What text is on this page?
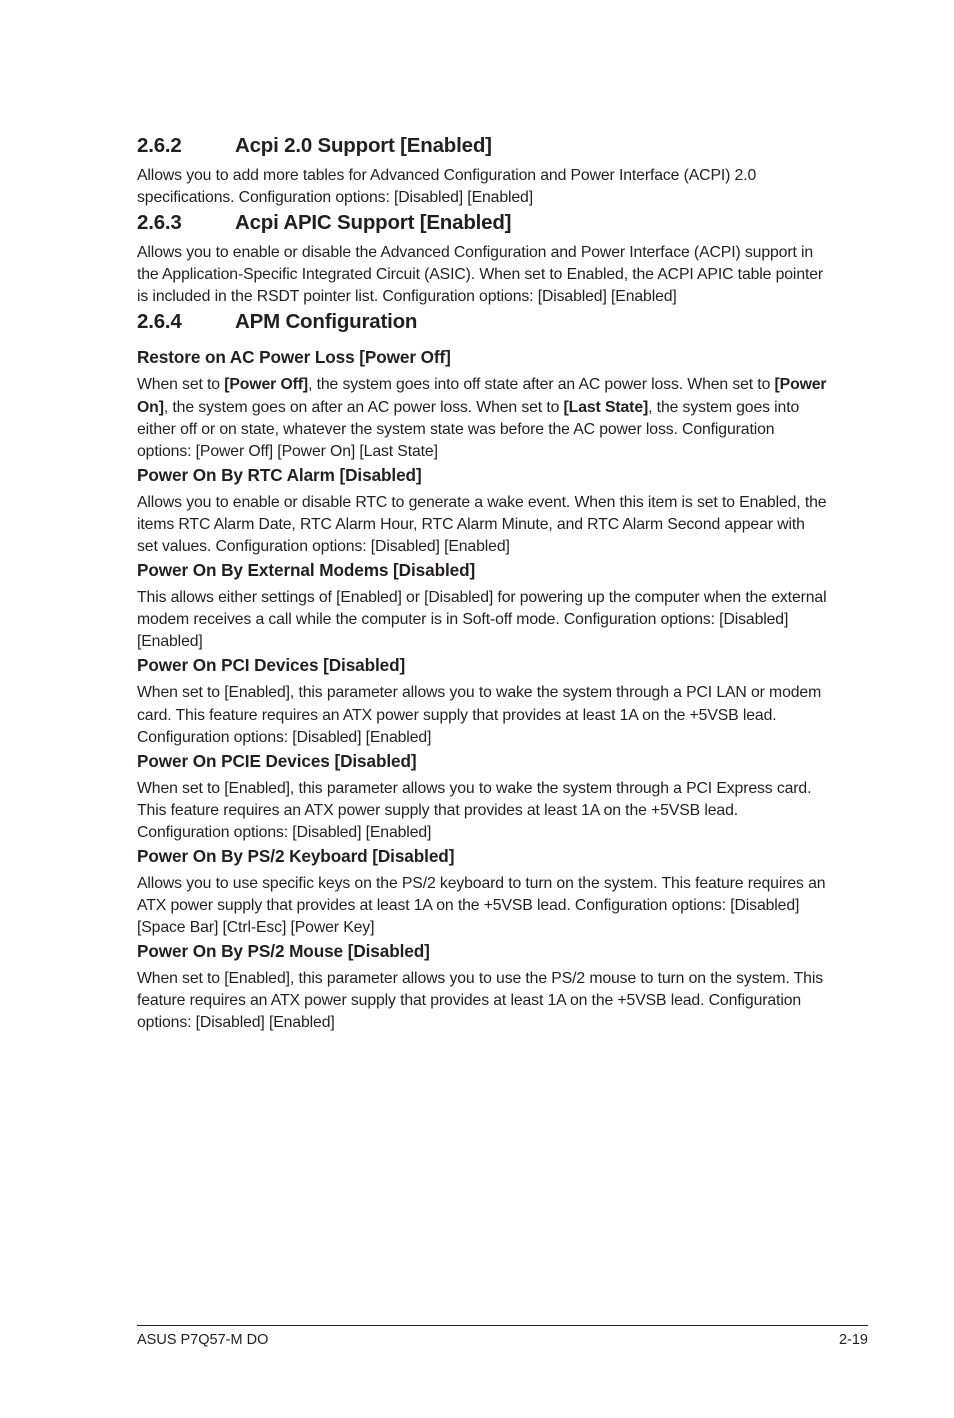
2.6.2	Acpi 2.0 Support [Enabled]

Allows you to add more tables for Advanced Configuration and Power Interface (ACPI) 2.0 specifications. Configuration options: [Disabled] [Enabled]

2.6.3	Acpi APIC Support [Enabled]

Allows you to enable or disable the Advanced Configuration and Power Interface (ACPI) support in the Application-Specific Integrated Circuit (ASIC). When set to Enabled, the ACPI APIC table pointer is included in the RSDT pointer list. Configuration options: [Disabled] [Enabled]

2.6.4	APM Configuration
Restore on AC Power Loss [Power Off]

When set to [Power Off], the system goes into off state after an AC power loss. When set to [Power On], the system goes on after an AC power loss. When set to [Last State], the system goes into either off or on state, whatever the system state was before the AC power loss. Configuration options: [Power Off] [Power On] [Last State]

Power On By RTC Alarm [Disabled]

Allows you to enable or disable RTC to generate a wake event. When this item is set to Enabled, the items RTC Alarm Date, RTC Alarm Hour, RTC Alarm Minute, and RTC Alarm Second appear with set values. Configuration options: [Disabled] [Enabled]

Power On By External Modems [Disabled]

This allows either settings of [Enabled] or [Disabled] for powering up the computer when the external modem receives a call while the computer is in Soft-off mode. Configuration options: [Disabled] [Enabled]

Power On PCI Devices [Disabled]

When set to [Enabled], this parameter allows you to wake the system through a PCI LAN or modem card. This feature requires an ATX power supply that provides at least 1A on the +5VSB lead. Configuration options: [Disabled] [Enabled]

Power On PCIE Devices [Disabled]

When set to [Enabled], this parameter allows you to wake the system through a PCI Express card. This feature requires an ATX power supply that provides at least 1A on the +5VSB lead. Configuration options: [Disabled] [Enabled]

Power On By PS/2 Keyboard [Disabled]

Allows you to use specific keys on the PS/2 keyboard to turn on the system. This feature requires an ATX power supply that provides at least 1A on the +5VSB lead. Configuration options: [Disabled] [Space Bar] [Ctrl-Esc] [Power Key]

Power On By PS/2 Mouse [Disabled]

When set to [Enabled], this parameter allows you to use the PS/2 mouse to turn on the system. This feature requires an ATX power supply that provides at least 1A on the +5VSB lead. Configuration options: [Disabled] [Enabled]

ASUS P7Q57-M DO	2-19
